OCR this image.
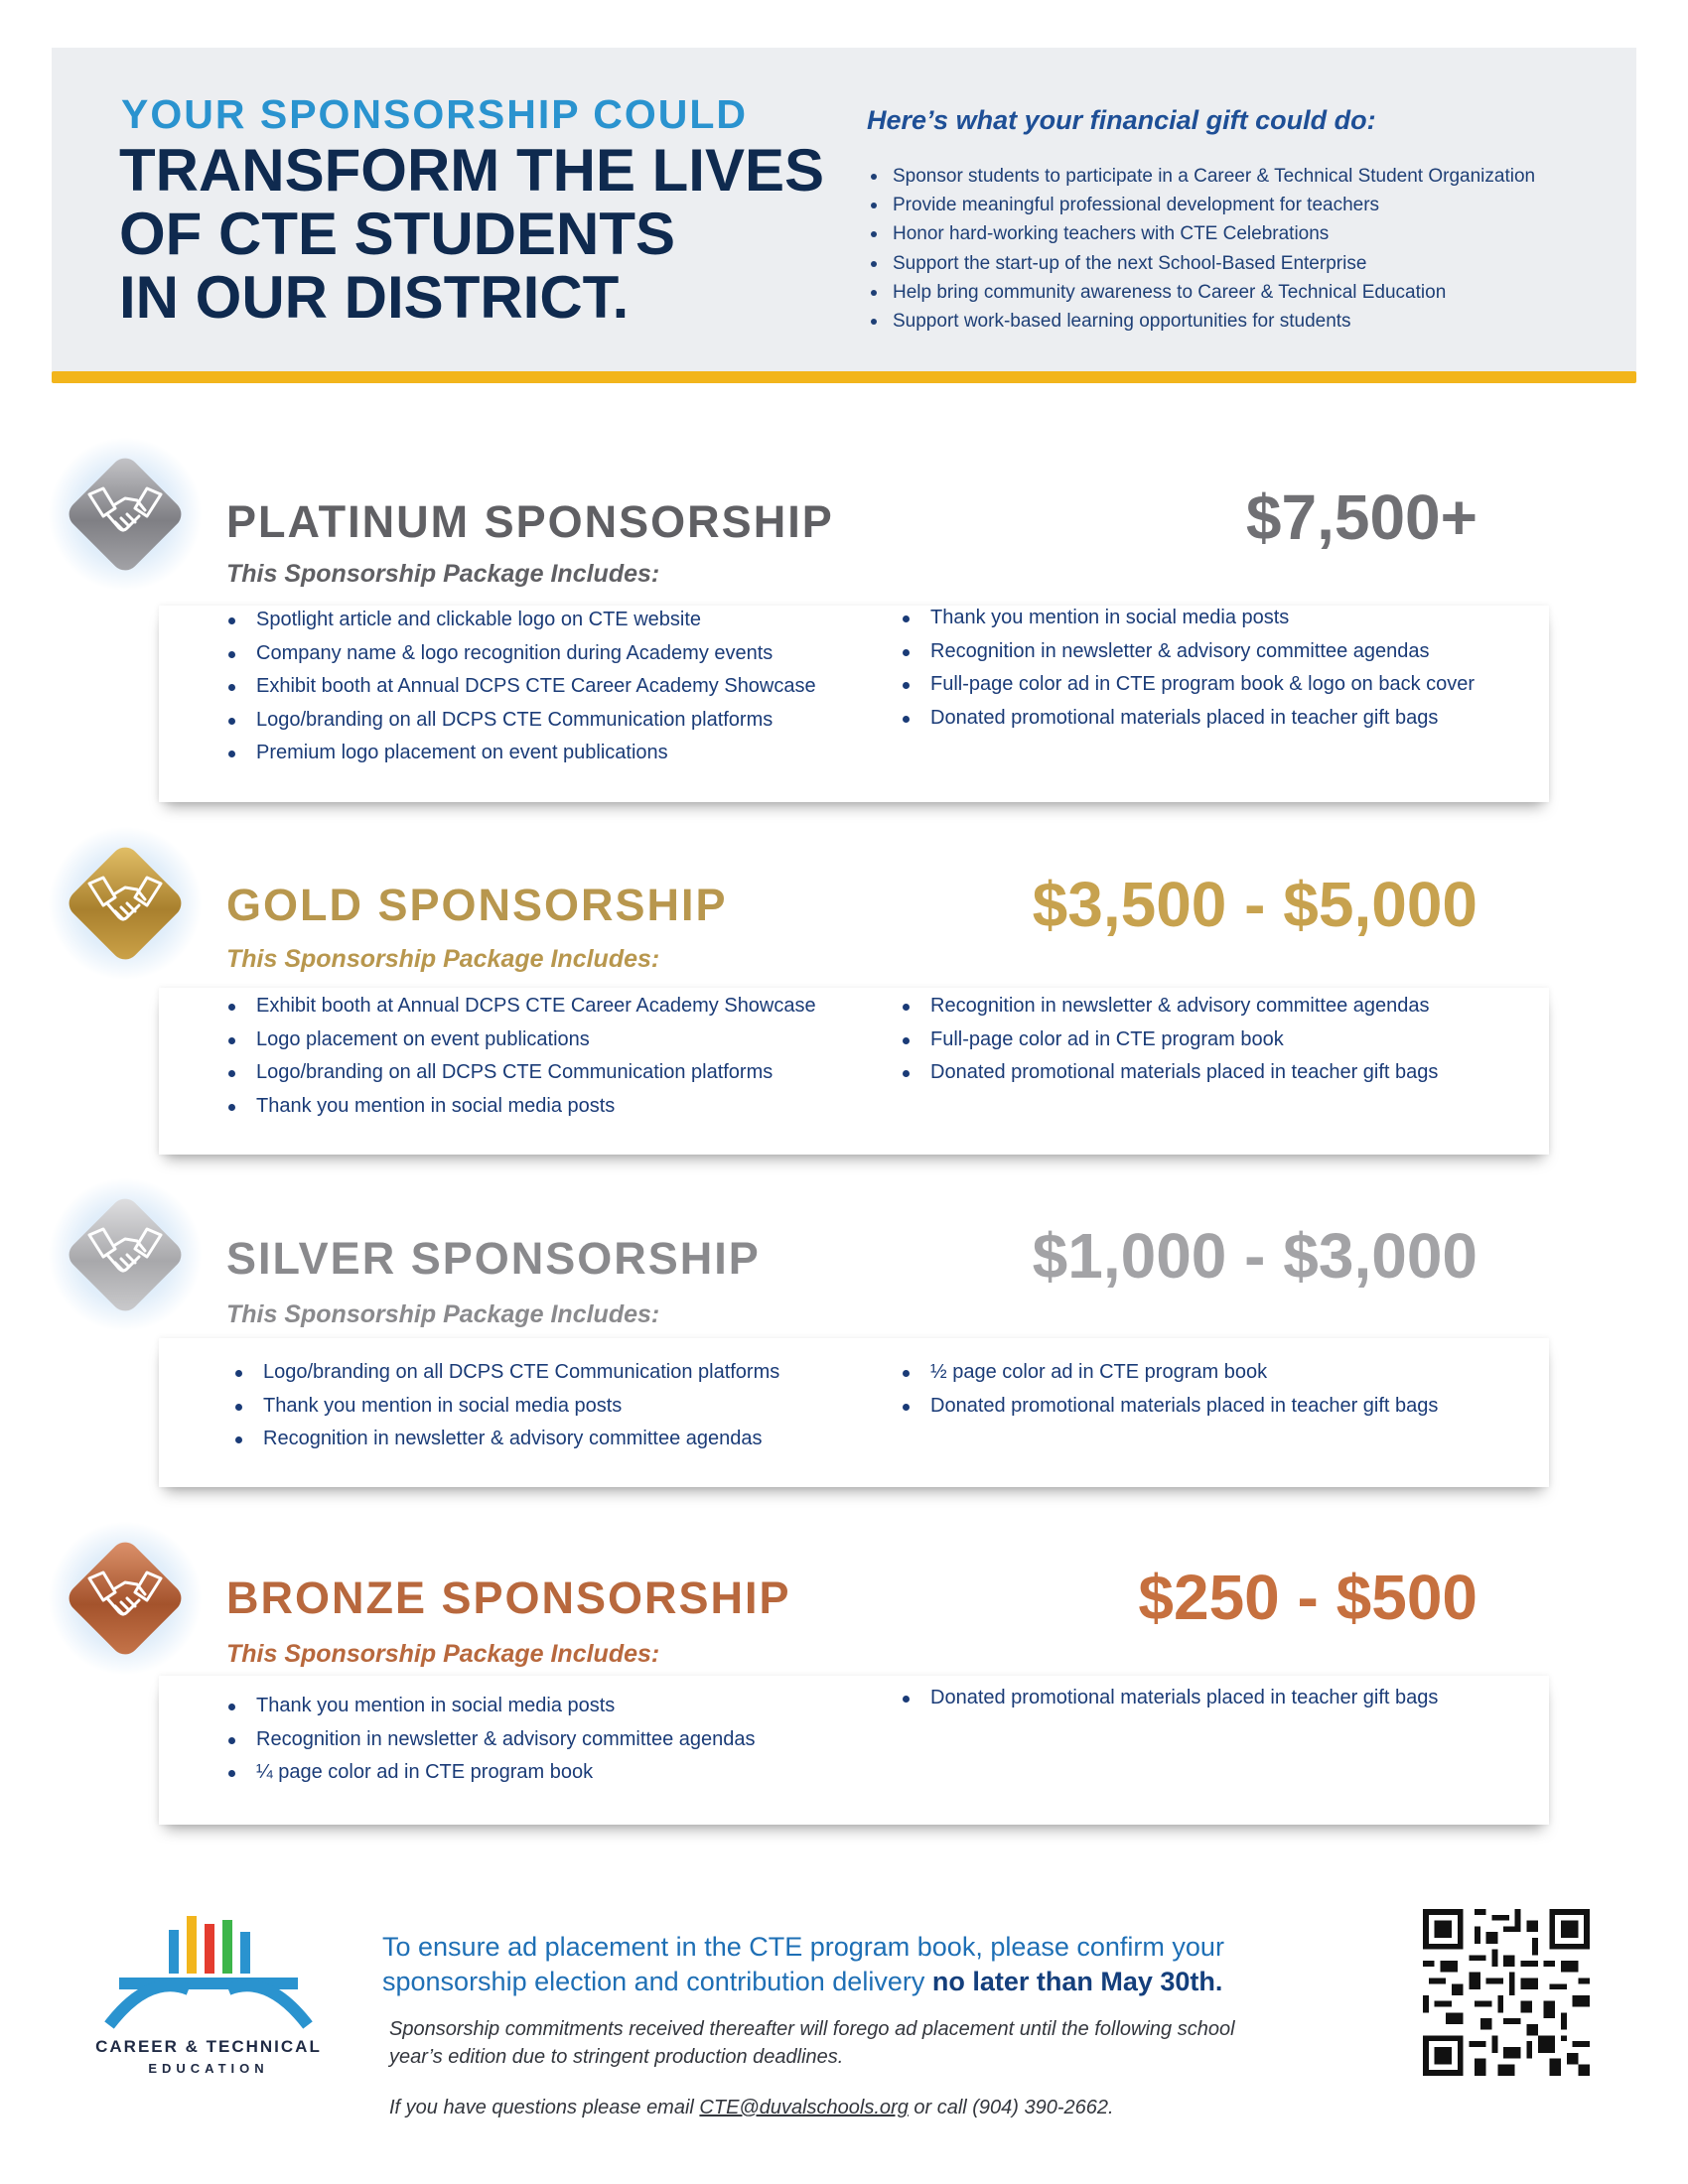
YOUR SPONSORSHIP COULD
TRANSFORM THE LIVES
OF CTE STUDENTS
IN OUR DISTRICT.
Here’s what your financial gift could do:
Sponsor students to participate in a Career & Technical Student Organization
Provide meaningful professional development for teachers
Honor hard-working teachers with CTE Celebrations
Support the start-up of the next School-Based Enterprise
Help bring community awareness to Career & Technical Education
Support work-based learning opportunities for students
PLATINUM SPONSORSHIP
This Sponsorship Package Includes:
$7,500+
Spotlight article and clickable logo on CTE website
Company name & logo recognition during Academy events
Exhibit booth at Annual DCPS CTE Career Academy Showcase
Logo/branding on all DCPS CTE Communication platforms
Premium logo placement on event publications
Thank you mention in social media posts
Recognition in newsletter & advisory committee agendas
Full-page color ad in CTE program book & logo on back cover
Donated promotional materials placed in teacher gift bags
GOLD SPONSORSHIP
This Sponsorship Package Includes:
$3,500 - $5,000
Exhibit booth at Annual DCPS CTE Career Academy Showcase
Logo placement on event publications
Logo/branding on all DCPS CTE Communication platforms
Thank you mention in social media posts
Recognition in newsletter & advisory committee agendas
Full-page color ad in CTE program book
Donated promotional materials placed in teacher gift bags
SILVER SPONSORSHIP
This Sponsorship Package Includes:
$1,000 - $3,000
Logo/branding on all DCPS CTE Communication platforms
Thank you mention in social media posts
Recognition in newsletter & advisory committee agendas
½ page color ad in CTE program book
Donated promotional materials placed in teacher gift bags
BRONZE SPONSORSHIP
This Sponsorship Package Includes:
$250 - $500
Thank you mention in social media posts
Recognition in newsletter & advisory committee agendas
¼ page color ad in CTE program book
Donated promotional materials placed in teacher gift bags
CAREER & TECHNICAL
EDUCATION
To ensure ad placement in the CTE program book, please confirm your sponsorship election and contribution delivery no later than May 30th.
Sponsorship commitments received thereafter will forego ad placement until the following school year’s edition due to stringent production deadlines.
If you have questions please email CTE@duvalschools.org or call (904) 390-2662.
